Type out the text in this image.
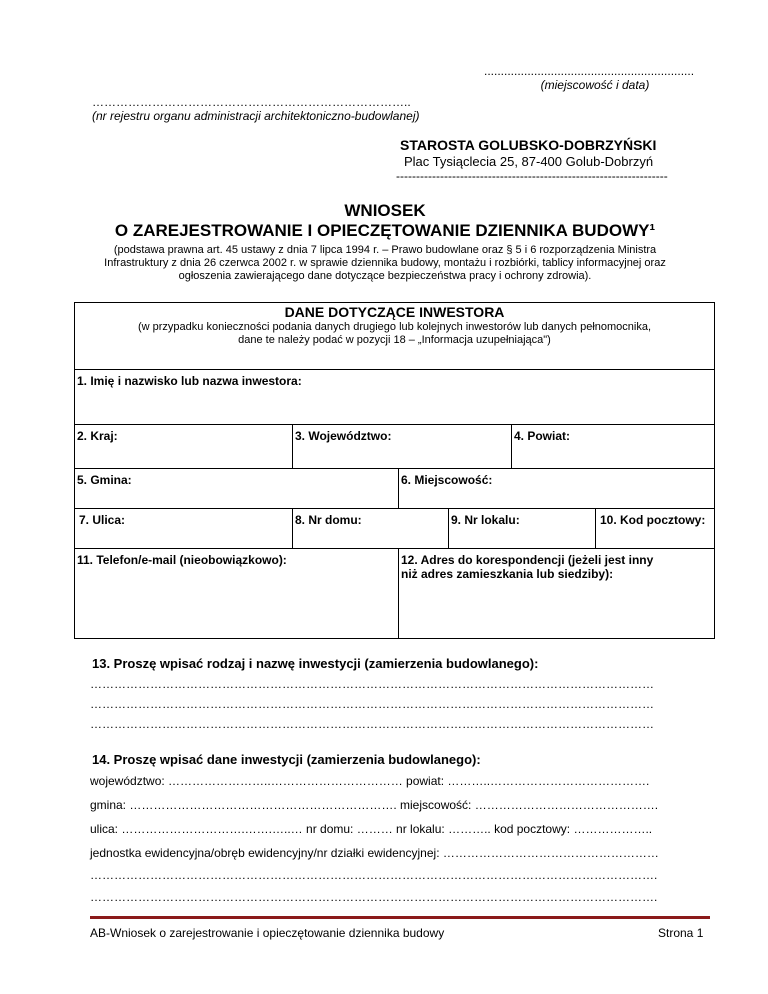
...............................................................
(miejscowość i data)
……………………………………………………………………..
(nr rejestru organu administracji architektoniczno-budowlanej)
STAROSTA GOLUBSKO-DOBRZYŃSKI
Plac Tysiąclecia 25, 87-400 Golub-Dobrzyń
--------------------------------------------------------------------

WNIOSEK

O ZAREJESTROWANIE I OPIECZĘTOWANIE DZIENNIKA BUDOWY¹

(podstawa prawna art. 45 ustawy z dnia 7 lipca 1994 r. – Prawo budowlane oraz § 5 i 6 rozporządzenia Ministra Infrastruktury z dnia 26 czerwca 2002 r. w sprawie dziennika budowy, montażu i rozbiórki, tablicy informacyjnej oraz ogłoszenia zawierającego dane dotyczące bezpieczeństwa pracy i ochrony zdrowia).
DANE DOTYCZĄCE INWESTORA
(w przypadku konieczności podania danych drugiego lub kolejnych inwestorów lub danych pełnomocnika,
dane te należy podać w pozycji 18 – „Informacja uzupełniająca")
1. Imię i nazwisko lub nazwa inwestora:
2. Kraj:	3. Województwo:	4. Powiat:
5. Gmina:	6. Miejscowość:
7. Ulica:	8. Nr domu:	9. Nr lokalu:	10. Kod pocztowy:
11. Telefon/e-mail (nieobowiązkowo):	12. Adres do korespondencji (jeżeli jest inny
niż adres zamieszkania lub siedziby):
13. Proszę wpisać rodzaj i nazwę inwestycji (zamierzenia budowlanego):
……………………………………………………………………………………………………………………………
……………………………………………………………………………………………………………………………
……………………………………………………………………………………………………………………………
14. Proszę wpisać dane inwestycji (zamierzenia budowlanego):
województwo: ……………………..…………………………… powiat: ………..………………………………….
gmina: …………………………………………………………. miejscowość: ……………………………………….
ulica: ………………………….…….…..… nr domu: ……… nr lokalu: ……….. kod pocztowy: ………………..
jednostka ewidencyjna/obręb ewidencyjny/nr działki ewidencyjnej: ………………………………………………
…………………………………………………………………………………………………………………………….
…………………………………………………………………………………………………………………………….
AB-Wniosek o zarejestrowanie i opieczętowanie dziennika budowy	Strona 1
